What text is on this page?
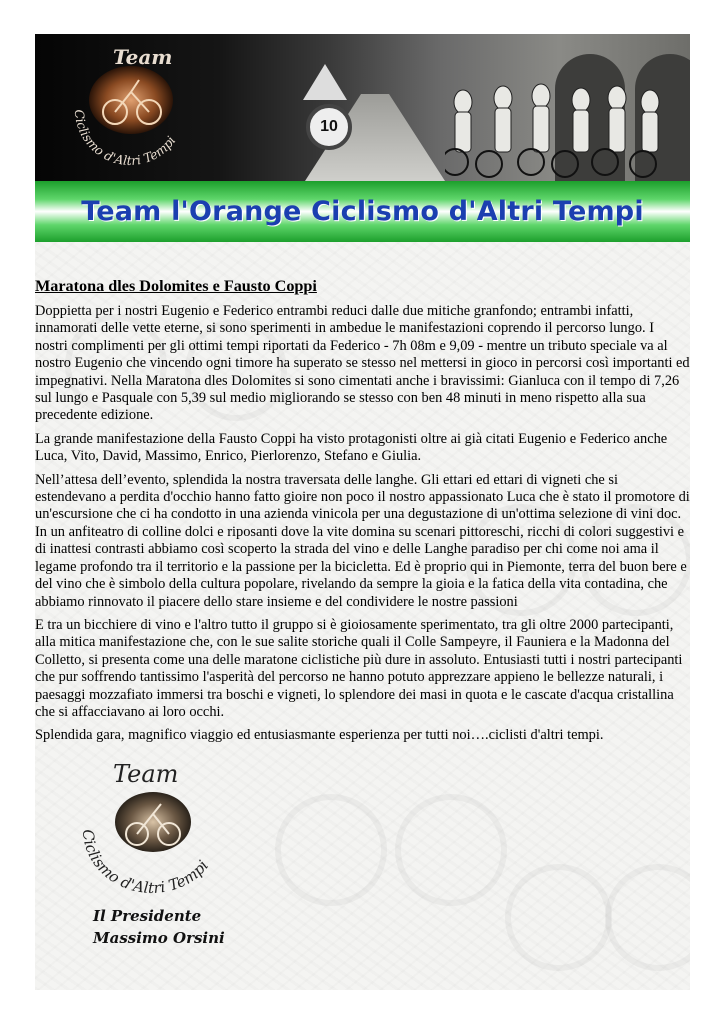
10
Team
Ciclismo d'Altri Tempi
Team l'Orange Ciclismo d'Altri Tempi
Maratona dles Dolomites e Fausto Coppi

Doppietta per i nostri Eugenio e Federico entrambi reduci dalle due mitiche granfondo; entrambi infatti, innamorati delle vette eterne, si sono sperimenti in ambedue le manifestazioni coprendo il percorso lungo. I nostri complimenti per gli ottimi tempi riportati da Federico - 7h 08m e 9,09 - mentre un tributo speciale va al nostro Eugenio che vincendo ogni timore ha superato se stesso nel mettersi in gioco in percorsi così importanti ed impegnativi. Nella Maratona dles Dolomites si sono cimentati anche i bravissimi: Gianluca con il tempo di 7,26 sul lungo e Pasquale con 5,39 sul medio migliorando se stesso con ben 48 minuti in meno rispetto alla sua precedente edizione.

La grande manifestazione della Fausto Coppi ha visto protagonisti oltre ai già citati Eugenio e Federico anche Luca, Vito, David, Massimo, Enrico, Pierlorenzo, Stefano e Giulia.

Nell’attesa dell’evento, splendida la nostra traversata delle langhe. Gli ettari ed ettari di vigneti che si estendevano a perdita d'occhio hanno fatto gioire non poco il nostro appassionato Luca che è stato il promotore di un'escursione che ci ha condotto in una azienda vinicola per una degustazione di un'ottima selezione di vini doc. In un anfiteatro di colline dolci e riposanti dove la vite domina su scenari pittoreschi, ricchi di colori suggestivi e di inattesi contrasti abbiamo così scoperto la strada del vino e delle Langhe paradiso per chi come noi ama il legame profondo tra il territorio e la passione per la bicicletta. Ed è proprio qui in Piemonte, terra del buon bere e del vino che è simbolo della cultura popolare, rivelando da sempre la gioia e la fatica della vita contadina, che abbiamo rinnovato il piacere dello stare insieme e del condividere le nostre passioni

E tra un bicchiere di vino e l'altro tutto il gruppo si è gioiosamente sperimentato, tra gli oltre 2000 partecipanti, alla mitica manifestazione che, con le sue salite storiche quali il Colle Sampeyre, il Fauniera e la Madonna del Colletto, si presenta come una delle maratone ciclistiche più dure in assoluto. Entusiasti tutti i nostri partecipanti che pur soffrendo tantissimo l'asperità del percorso ne hanno potuto apprezzare appieno le bellezze naturali, i paesaggi mozzafiato immersi tra boschi e vigneti, lo splendore dei masi in quota e le cascate d'acqua cristallina che si affacciavano ai loro occhi.

Splendida gara, magnifico viaggio ed entusiasmante esperienza per tutti noi….ciclisti d'altri tempi.

Team
Ciclismo d'Altri Tempi
Il Presidente
Massimo Orsini
